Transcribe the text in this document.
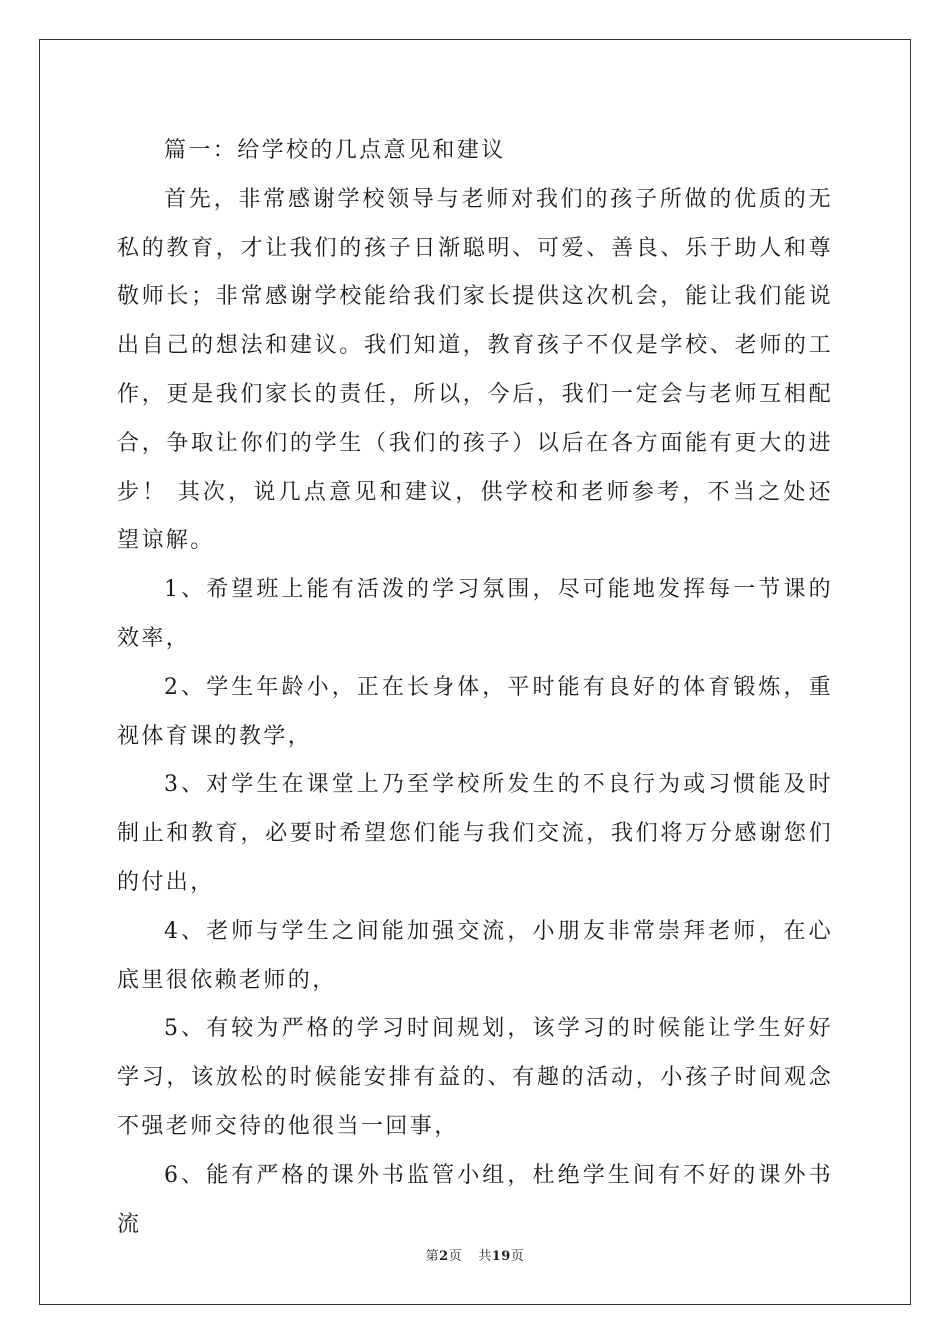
篇一：给学校的几点意见和建议

首先，非常感谢学校领导与老师对我们的孩子所做的优质的无私的教育，才让我们的孩子日渐聪明、可爱、善良、乐于助人和尊敬师长；非常感谢学校能给我们家长提供这次机会，能让我们能说出自己的想法和建议。我们知道，教育孩子不仅是学校、老师的工作，更是我们家长的责任，所以，今后，我们一定会与老师互相配合，争取让你们的学生（我们的孩子）以后在各方面能有更大的进步！ 其次，说几点意见和建议，供学校和老师参考，不当之处还望谅解。

1、希望班上能有活泼的学习氛围，尽可能地发挥每一节课的效率，

2、学生年龄小，正在长身体，平时能有良好的体育锻炼，重视体育课的教学，

3、对学生在课堂上乃至学校所发生的不良行为或习惯能及时制止和教育，必要时希望您们能与我们交流，我们将万分感谢您们的付出，

4、老师与学生之间能加强交流，小朋友非常崇拜老师，在心底里很依赖老师的，

5、有较为严格的学习时间规划，该学习的时候能让学生好好学习，该放松的时候能安排有益的、有趣的活动，小孩子时间观念不强老师交待的他很当一回事，

6、能有严格的课外书监管小组，杜绝学生间有不好的课外书流

第2页 共19页
